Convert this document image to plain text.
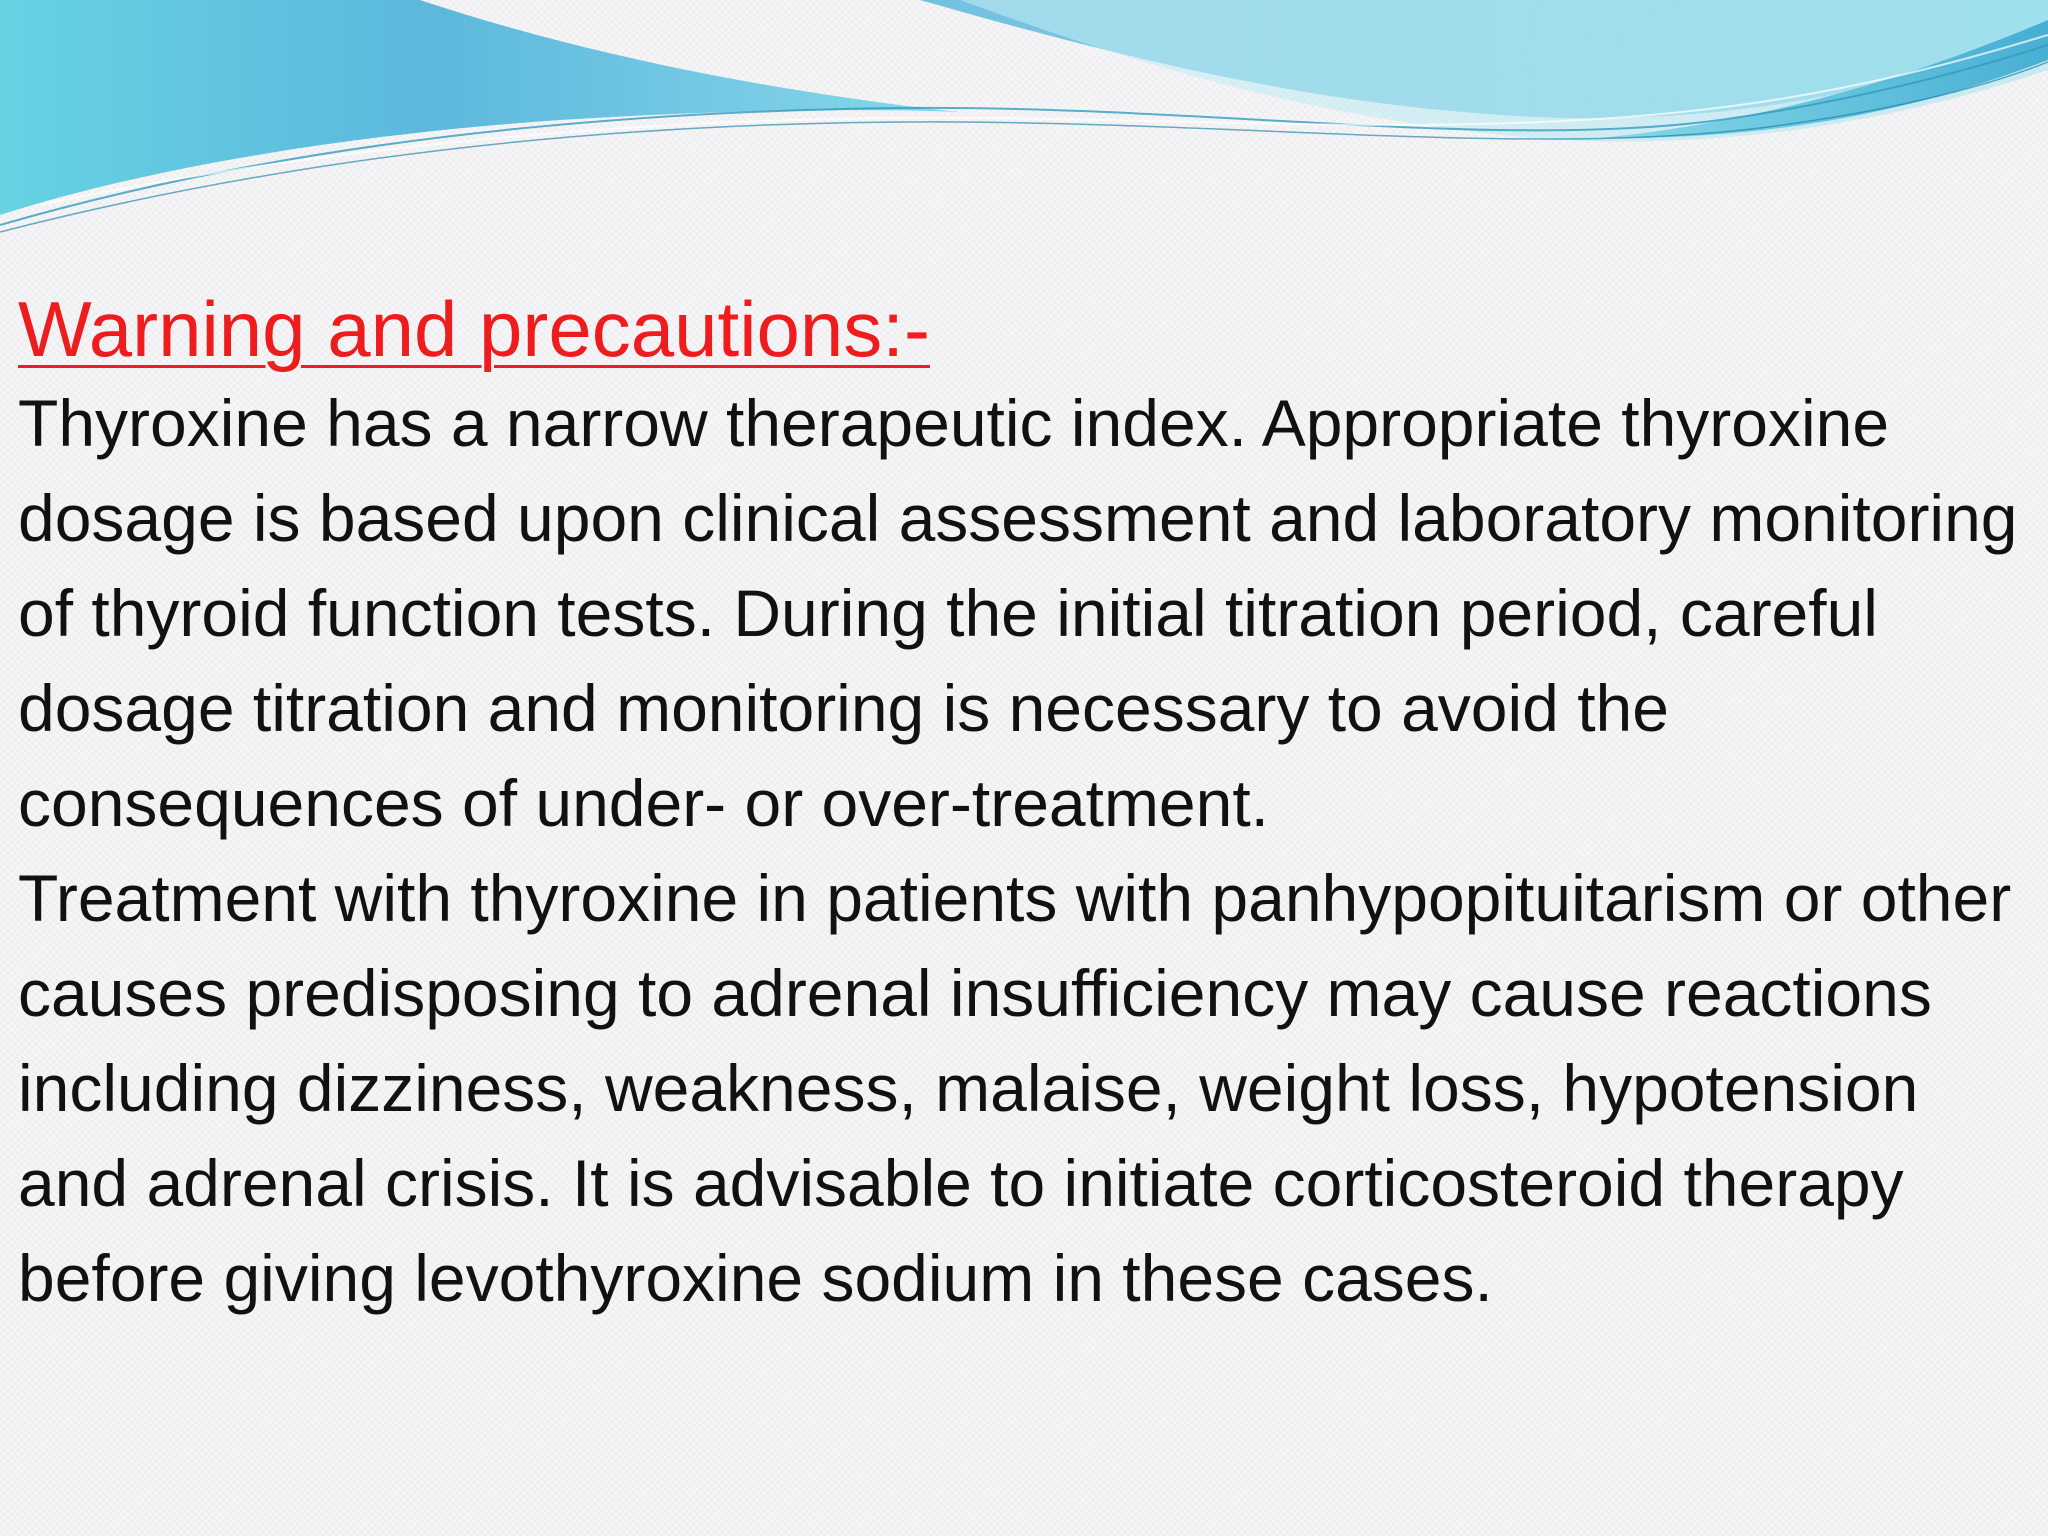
Warning and precautions:-

Thyroxine has a narrow therapeutic index. Appropriate thyroxine dosage is based upon clinical assessment and laboratory monitoring of thyroid function tests. During the initial titration period, careful dosage titration and monitoring is necessary to avoid the consequences of under- or over-treatment.

Treatment with thyroxine in patients with panhypopituitarism or other causes predisposing to adrenal insufficiency may cause reactions including dizziness, weakness, malaise, weight loss, hypotension and adrenal crisis. It is advisable to initiate corticosteroid therapy before giving levothyroxine sodium in these cases.
